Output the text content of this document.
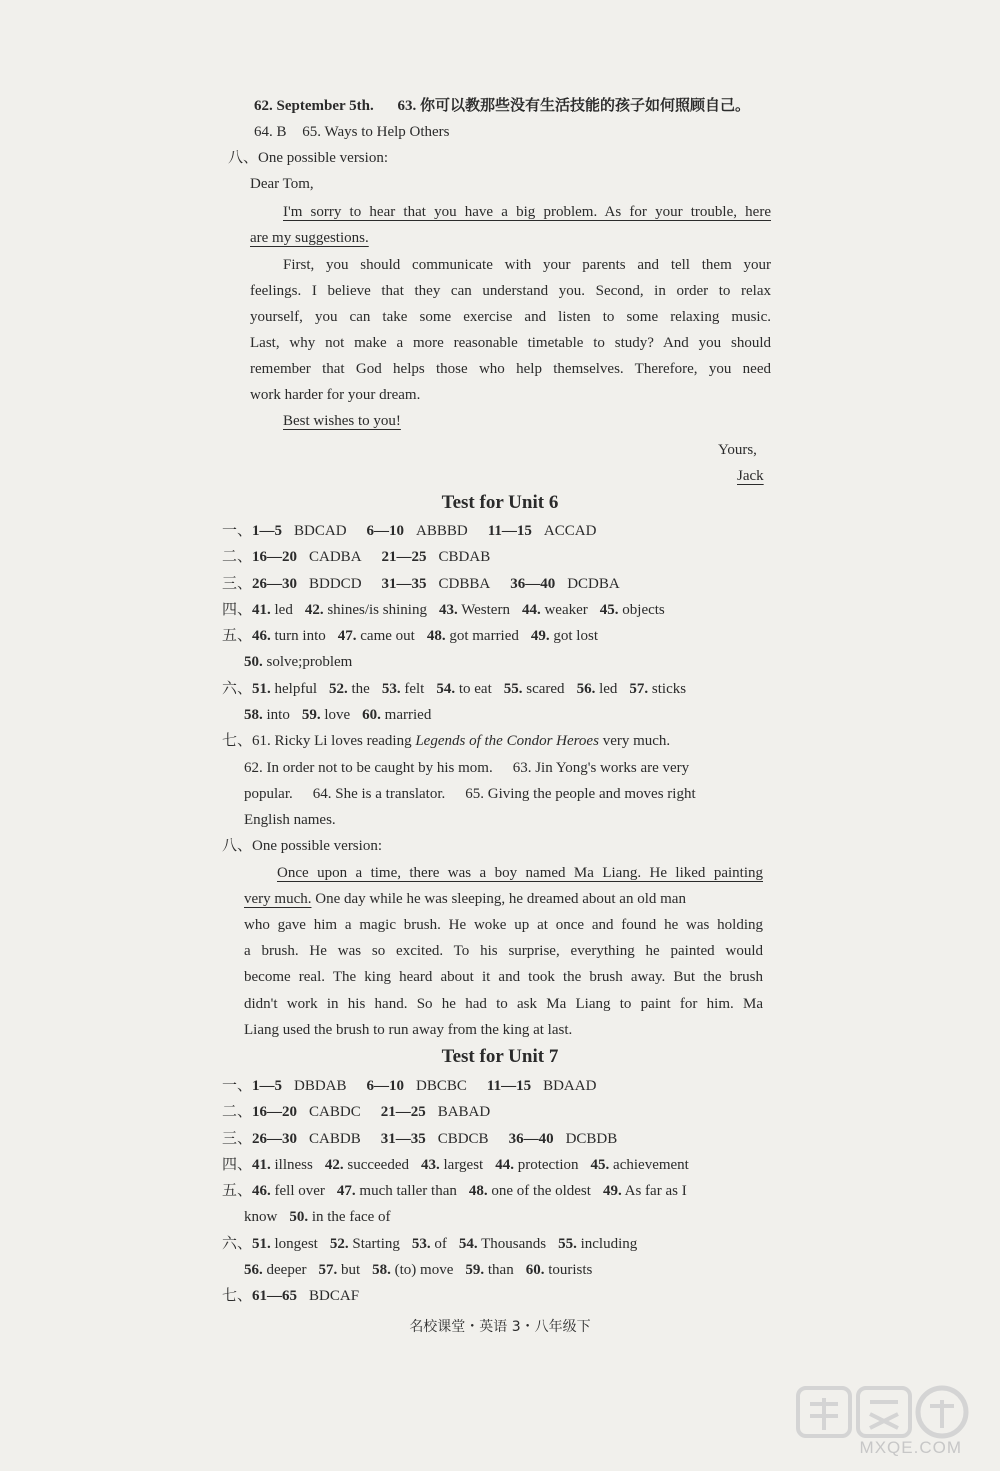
62. September 5th. 63. 你可以教那些没有生活技能的孩子如何照顾自己。
64. B 65. Ways to Help Others
八、One possible version:
Dear Tom,
I'm sorry to hear that you have a big problem. As for your trouble, here
are my suggestions.
First, you should communicate with your parents and tell them your
feelings. I believe that they can understand you. Second, in order to relax
yourself, you can take some exercise and listen to some relaxing music.
Last, why not make a more reasonable timetable to study? And you should
remember that God helps those who help themselves. Therefore, you need
work harder for your dream.
Best wishes to you!
Yours,
Jack
Test for Unit 6
一、1—5 BDCAD 6—10 ABBBD 11—15 ACCAD
二、16—20 CADBA 21—25 CBDAB
三、26—30 BDDCD 31—35 CDBBA 36—40 DCDBA
四、41. led 42. shines/is shining 43. Western 44. weaker 45. objects
五、46. turn into 47. came out 48. got married 49. got lost
50. solve;problem
六、51. helpful 52. the 53. felt 54. to eat 55. scared 56. led 57. sticks
58. into 59. love 60. married
七、61. Ricky Li loves reading Legends of the Condor Heroes very much.
62. In order not to be caught by his mom. 63. Jin Yong's works are very
popular. 64. She is a translator. 65. Giving the people and moves right
English names.
八、One possible version:
Once upon a time, there was a boy named Ma Liang. He liked painting
very much. One day while he was sleeping, he dreamed about an old man
who gave him a magic brush. He woke up at once and found he was holding
a brush. He was so excited. To his surprise, everything he painted would
become real. The king heard about it and took the brush away. But the brush
didn't work in his hand. So he had to ask Ma Liang to paint for him. Ma
Liang used the brush to run away from the king at last.
Test for Unit 7
一、1—5 DBDAB 6—10 DBCBC 11—15 BDAAD
二、16—20 CABDC 21—25 BABAD
三、26—30 CABDB 31—35 CBDCB 36—40 DCBDB
四、41. illness 42. succeeded 43. largest 44. protection 45. achievement
五、46. fell over 47. much taller than 48. one of the oldest 49. As far as I
know 50. in the face of
六、51. longest 52. Starting 53. of 54. Thousands 55. including
56. deeper 57. but 58. (to) move 59. than 60. tourists
七、61—65 BDCAF
名校课堂・英语 3・八年级下
MXQE.COM
